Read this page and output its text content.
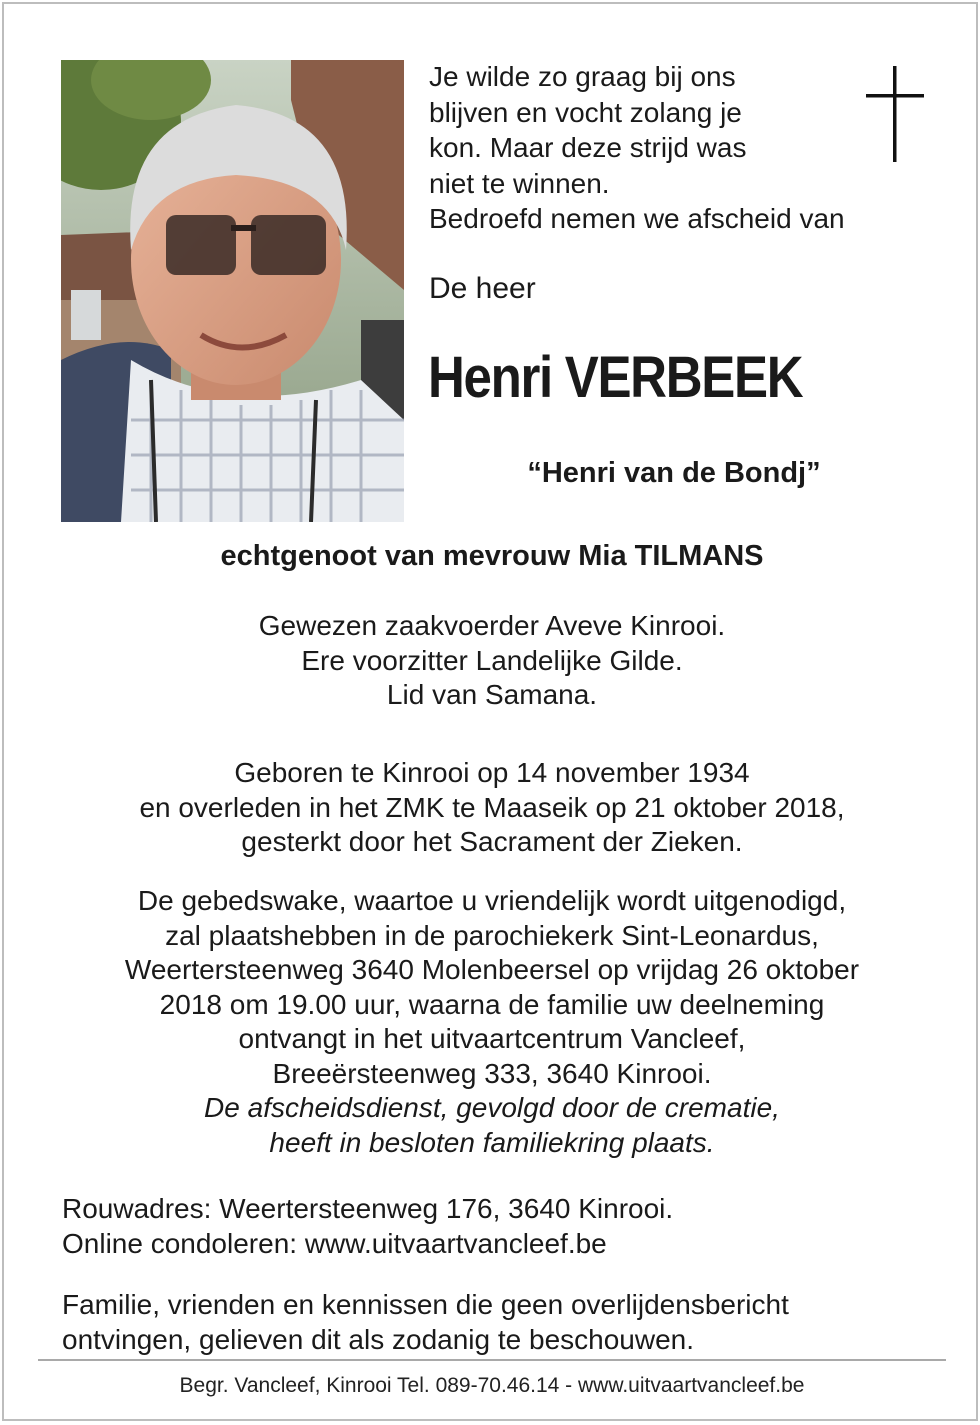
Je wilde zo graag bij ons
blijven en vocht zolang je
kon. Maar deze strijd was
niet te winnen.
Bedroefd nemen we afscheid van
De heer
Henri VERBEEK
“Henri van de Bondj”
echtgenoot van mevrouw Mia TILMANS
Gewezen zaakvoerder Aveve Kinrooi.
Ere voorzitter Landelijke Gilde.
Lid van Samana.
Geboren te Kinrooi op 14 november 1934
en overleden in het ZMK te Maaseik op 21 oktober 2018,
gesterkt door het Sacrament der Zieken.
De gebedswake, waartoe u vriendelijk wordt uitgenodigd,
zal plaatshebben in de parochiekerk Sint-Leonardus,
Weertersteenweg 3640 Molenbeersel op vrijdag 26 oktober
2018 om 19.00 uur, waarna de familie uw deelneming
ontvangt in het uitvaartcentrum Vancleef,
Breeërsteenweg 333, 3640 Kinrooi.
De afscheidsdienst, gevolgd door de crematie,
heeft in besloten familiekring plaats.
Rouwadres: Weertersteenweg 176, 3640 Kinrooi.
Online condoleren: www.uitvaartvancleef.be
Familie, vrienden en kennissen die geen overlijdensbericht
ontvingen, gelieven dit als zodanig te beschouwen.
Begr. Vancleef, Kinrooi Tel. 089-70.46.14 - www.uitvaartvancleef.be
